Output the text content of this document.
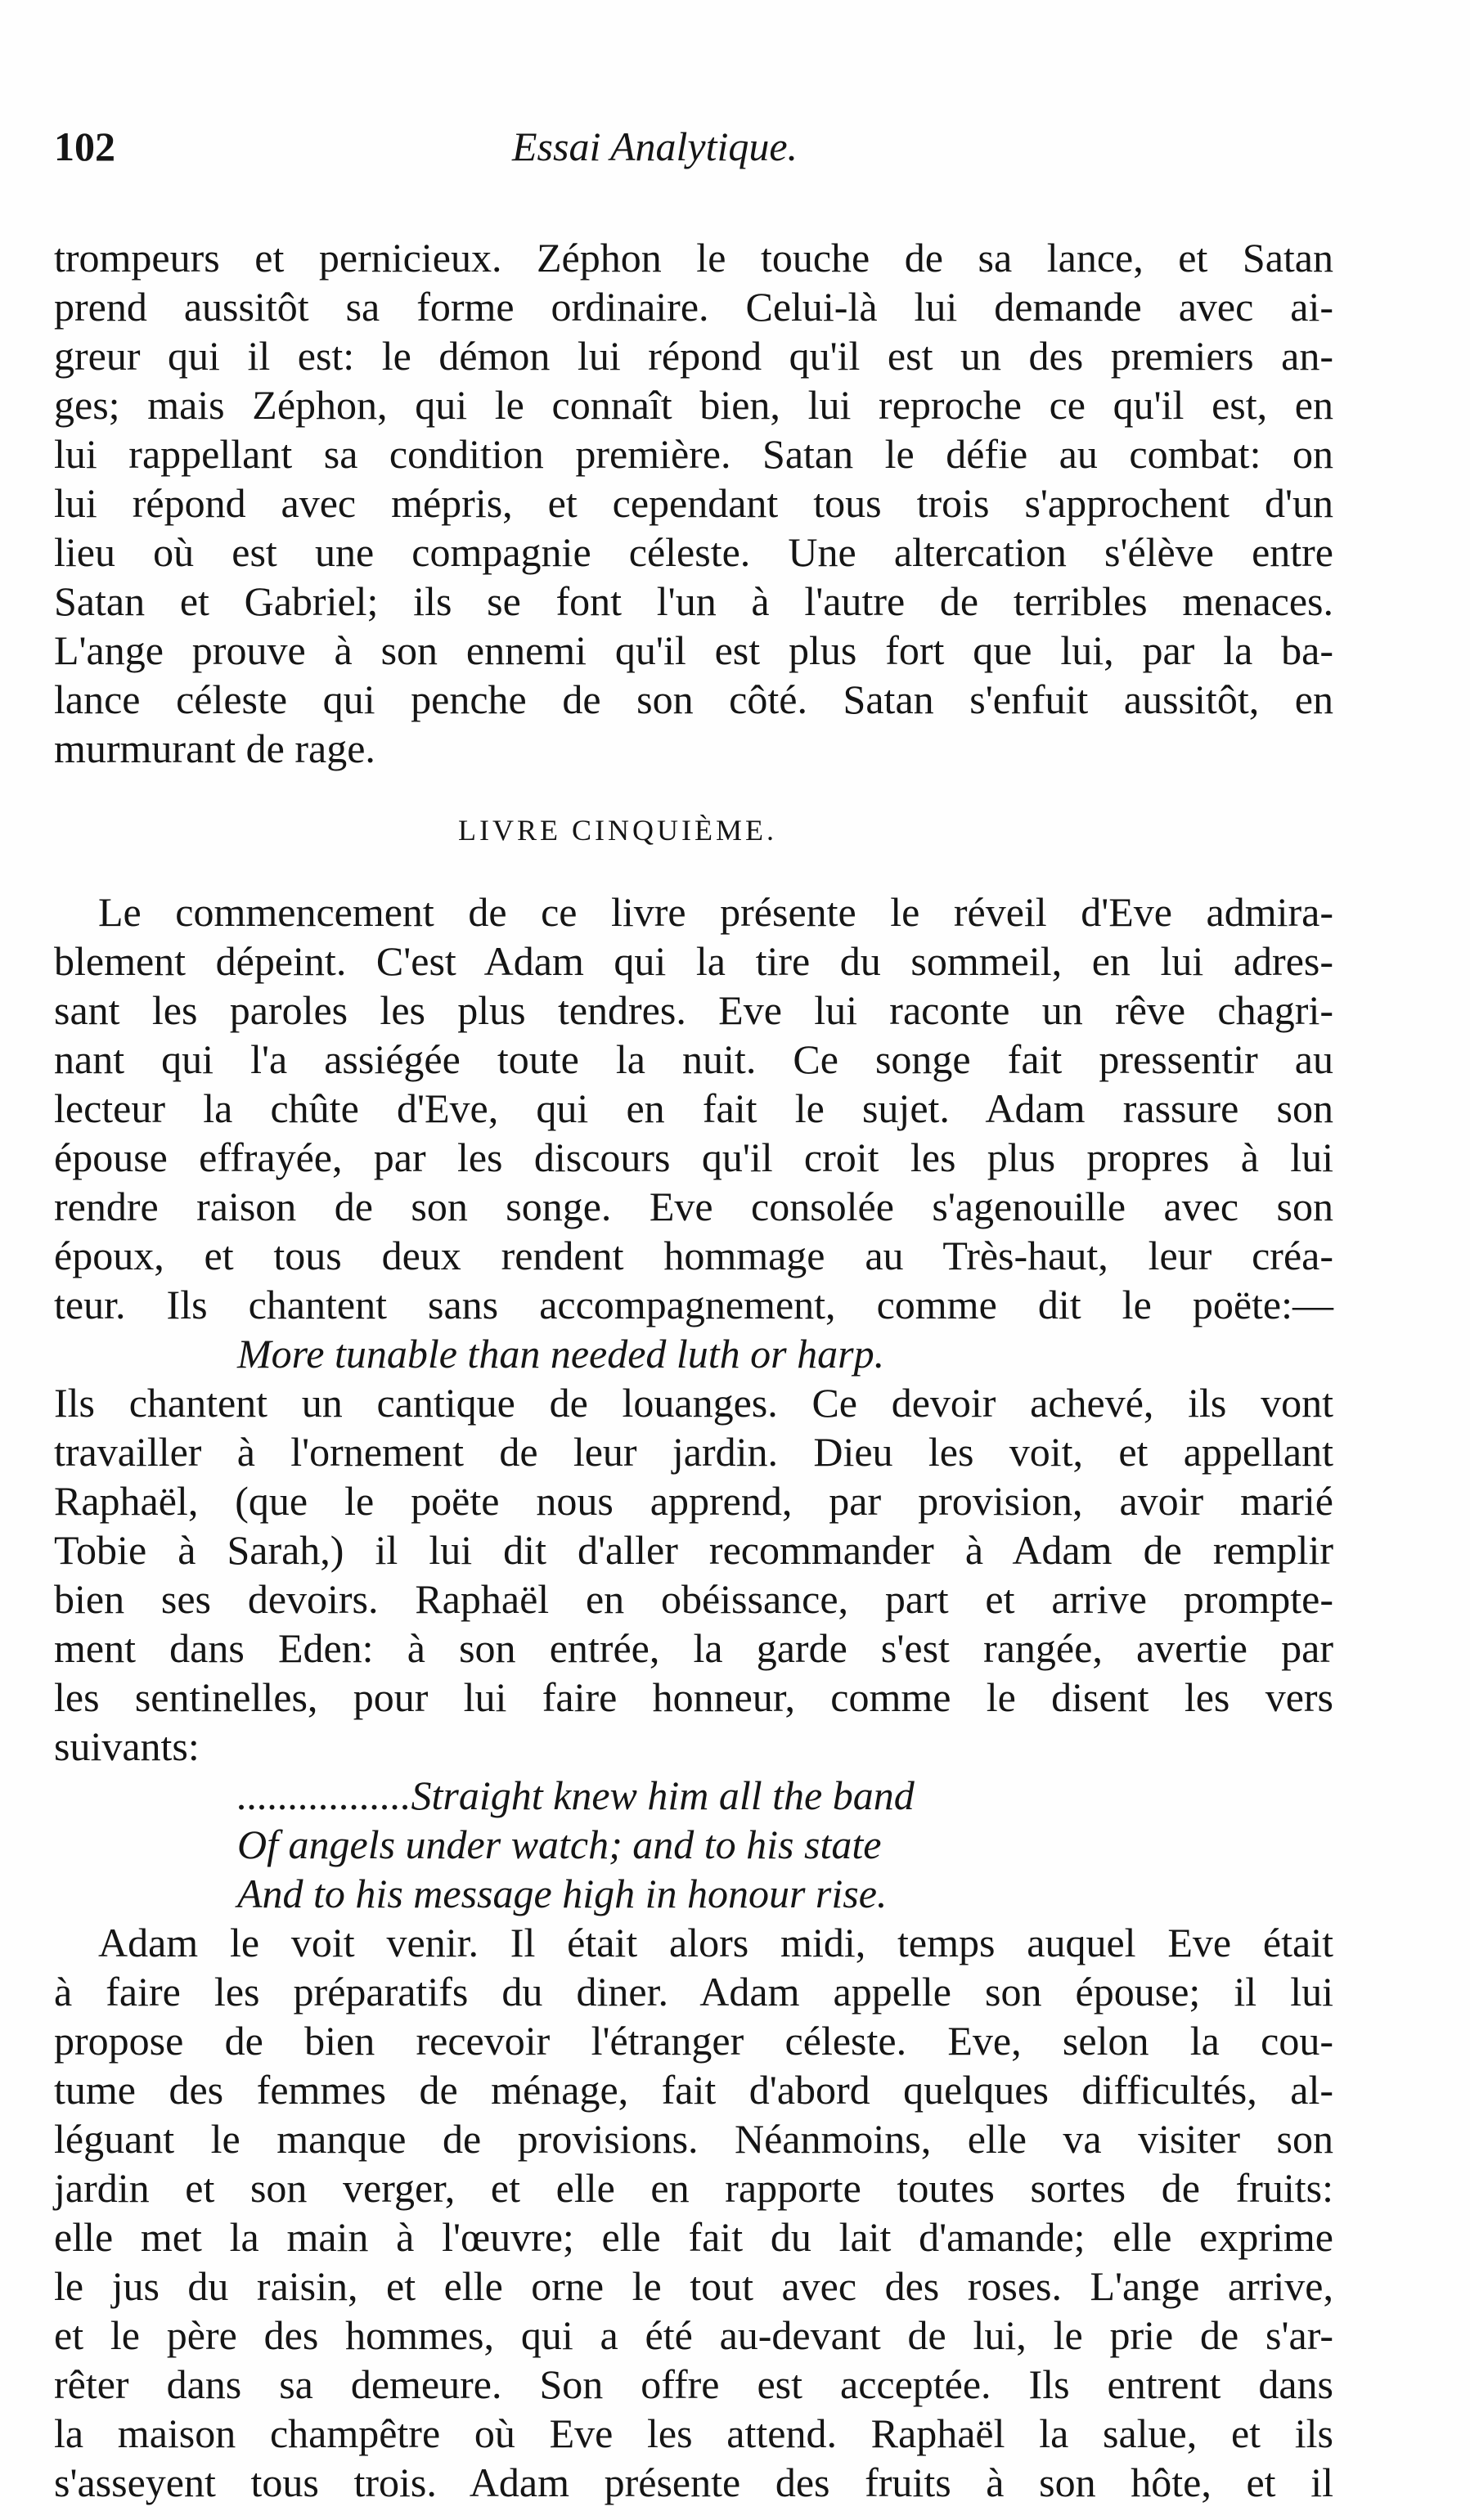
102	Essai Analytique.

trompeurs et pernicieux. Zéphon le touche de sa lance, et Satan

prend aussitôt sa forme ordinaire. Celui-là lui demande avec ai-

greur qui il est: le démon lui répond qu'il est un des premiers an-

ges; mais Zéphon, qui le connaît bien, lui reproche ce qu'il est, en

lui rappellant sa condition première. Satan le défie au combat: on

lui répond avec mépris, et cependant tous trois s'approchent d'un

lieu où est une compagnie céleste. Une altercation s'élève entre

Satan et Gabriel; ils se font l'un à l'autre de terribles menaces.

L'ange prouve à son ennemi qu'il est plus fort que lui, par la ba-

lance céleste qui penche de son côté. Satan s'enfuit aussitôt, en

murmurant de rage.

LIVRE CINQUIÈME.

Le commencement de ce livre présente le réveil d'Eve admira-

blement dépeint. C'est Adam qui la tire du sommeil, en lui adres-

sant les paroles les plus tendres. Eve lui raconte un rêve chagri-

nant qui l'a assiégée toute la nuit. Ce songe fait pressentir au

lecteur la chûte d'Eve, qui en fait le sujet. Adam rassure son

épouse effrayée, par les discours qu'il croit les plus propres à lui

rendre raison de son songe. Eve consolée s'agenouille avec son

époux, et tous deux rendent hommage au Très-haut, leur créa-

teur. Ils chantent sans accompagnement, comme dit le poëte:—

More tunable than needed luth or harp.

Ils chantent un cantique de louanges. Ce devoir achevé, ils vont

travailler à l'ornement de leur jardin. Dieu les voit, et appellant

Raphaël, (que le poëte nous apprend, par provision, avoir marié

Tobie à Sarah,) il lui dit d'aller recommander à Adam de remplir

bien ses devoirs. Raphaël en obéissance, part et arrive prompte-

ment dans Eden: à son entrée, la garde s'est rangée, avertie par

les sentinelles, pour lui faire honneur, comme le disent les vers

suivants:

.................Straight knew him all the band

Of angels under watch; and to his state

And to his message high in honour rise.

Adam le voit venir. Il était alors midi, temps auquel Eve était

à faire les préparatifs du diner. Adam appelle son épouse; il lui

propose de bien recevoir l'étranger céleste. Eve, selon la cou-

tume des femmes de ménage, fait d'abord quelques difficultés, al-

léguant le manque de provisions. Néanmoins, elle va visiter son

jardin et son verger, et elle en rapporte toutes sortes de fruits:

elle met la main à l'œuvre; elle fait du lait d'amande; elle exprime

le jus du raisin, et elle orne le tout avec des roses. L'ange arrive,

et le père des hommes, qui a été au-devant de lui, le prie de s'ar-

rêter dans sa demeure. Son offre est acceptée. Ils entrent dans

la maison champêtre où Eve les attend. Raphaël la salue, et ils

s'asseyent tous trois. Adam présente des fruits à son hôte, et il
